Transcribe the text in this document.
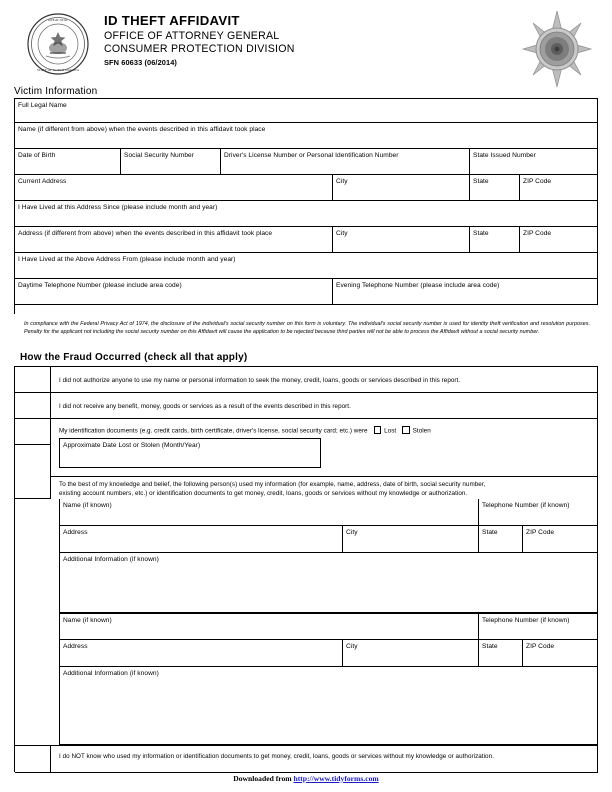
GREAT SEAL
STATE OF NORTH DAKOTA
ID THEFT AFFIDAVIT
OFFICE OF ATTORNEY GENERAL
CONSUMER PROTECTION DIVISION
SFN 60633 (06/2014)
Victim Information
How the Fraud Occurred (check all that apply)
Full Legal Name
Name (if different from above) when the events described in this affidavit took place
Date of Birth	Social Security Number	Driver's License Number or Personal Identification Number	State Issued Number
Current Address	City	State	ZIP Code
I Have Lived at this Address Since (please include month and year)
Address (if different from above) when the events described in this affidavit took place	City	State	ZIP Code
I Have Lived at the Above Address From (please include month and year)
Daytime Telephone Number (please include area code)	Evening Telephone Number (please include area code)
In compliance with the Federal Privacy Act of 1974, the disclosure of the individual's social security number on this form is voluntary. The individual's social security number is used for identity theft verification and resolution purposes. Penalty for the applicant not including the social security number on this Affidavit will cause the application to be rejected because third parties will not be able to process the Affidavit without a social security number.
I did not authorize anyone to use my name or personal information to seek the money, credit, loans, goods or services described in this report.
I did not receive any benefit, money, goods or services as a result of the events described in this report.
My identification documents (e.g. credit cards, birth certificate, driver's license, social security card; etc.) were	Lost	Stolen
Approximate Date Lost or Stolen (Month/Year)
To the best of my knowledge and belief, the following person(s) used my information (for example, name, address, date of birth, social security number,
existing account numbers, etc.) or identification documents to get money, credit, loans, goods or services without my knowledge or authorization.
Name (if known)	Telephone Number (if known)
Address	City	State	ZIP Code
Additional Information (if known)
Name (if known)	Telephone Number (if known)
Address	City	State	ZIP Code
Additional Information (if known)
I do NOT know who used my information or identification documents to get money, credit, loans, goods or services without my knowledge or authorization.
Downloaded from http://www.tidyforms.com
